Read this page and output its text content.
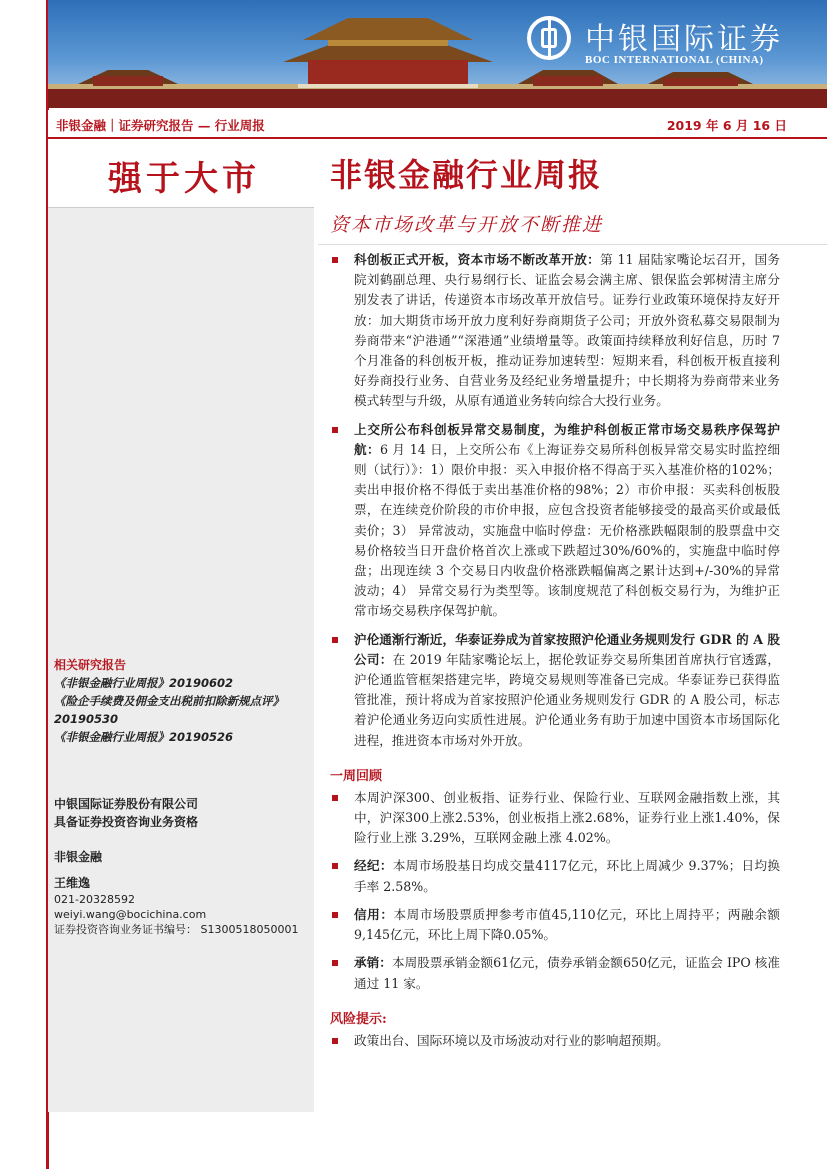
中银国际证券
BOC INTERNATIONAL (CHINA)
非银金融｜证券研究报告 — 行业周报	2019 年 6 月 16 日
强于大市 非银金融行业周报
资本市场改革与开放不断推进
科创板正式开板，资本市场不断改革开放：第 11 届陆家嘴论坛召开，国务院刘鹤副总理、央行易纲行长、证监会易会满主席、银保监会郭树清主席分别发表了讲话，传递资本市场改革开放信号。证券行业政策环境保持友好开放：加大期货市场开放力度利好券商期货子公司；开放外资私募交易限制为券商带来“沪港通”“深港通”业绩增量等。政策面持续释放利好信息，历时 7 个月准备的科创板开板，推动证券加速转型：短期来看，科创板开板直接利好券商投行业务、自营业务及经纪业务增量提升；中长期将为券商带来业务模式转型与升级，从原有通道业务转向综合大投行业务。
上交所公布科创板异常交易制度，为维护科创板正常市场交易秩序保驾护航：6 月 14 日，上交所公布《上海证券交易所科创板异常交易实时监控细则（试行）》：1）限价申报：买入申报价格不得高于买入基准价格的102%；卖出申报价格不得低于卖出基准价格的98%；2）市价申报：买卖科创板股票，在连续竞价阶段的市价申报，应包含投资者能够接受的最高买价或最低卖价；3） 异常波动，实施盘中临时停盘：无价格涨跌幅限制的股票盘中交易价格较当日开盘价格首次上涨或下跌超过30%/60%的，实施盘中临时停盘；出现连续 3 个交易日内收盘价格涨跌幅偏离之累计达到+/-30%的异常波动；4） 异常交易行为类型等。该制度规范了科创板交易行为，为维护正常市场交易秩序保驾护航。
沪伦通渐行渐近，华泰证券成为首家按照沪伦通业务规则发行 GDR 的 A 股公司：在 2019 年陆家嘴论坛上，据伦敦证券交易所集团首席执行官透露，沪伦通监管框架搭建完毕，跨境交易规则等准备已完成。华泰证券已获得监管批准，预计将成为首家按照沪伦通业务规则发行 GDR 的 A 股公司，标志着沪伦通业务迈向实质性进展。沪伦通业务有助于加速中国资本市场国际化进程，推进资本市场对外开放。
一周回顾
本周沪深300、创业板指、证券行业、保险行业、互联网金融指数上涨，其中，沪深300上涨2.53%，创业板指上涨2.68%，证券行业上涨1.40%，保险行业上涨 3.29%，互联网金融上涨 4.02%。
经纪：本周市场股基日均成交量4117亿元，环比上周减少 9.37%；日均换手率 2.58%。
信用：本周市场股票质押参考市值45,110亿元，环比上周持平；两融余额9,145亿元，环比上周下降0.05%。
承销：本周股票承销金额61亿元，债券承销金额650亿元，证监会 IPO 核准通过 11 家。
风险提示:
政策出台、国际环境以及市场波动对行业的影响超预期。
相关研究报告
《非银金融行业周报》20190602
《险企手续费及佣金支出税前扣除新规点评》
20190530
《非银金融行业周报》20190526
中银国际证券股份有限公司
具备证券投资咨询业务资格
非银金融
王维逸
021-20328592
weiyi.wang@bocichina.com
证券投资咨询业务证书编号： S1300518050001
